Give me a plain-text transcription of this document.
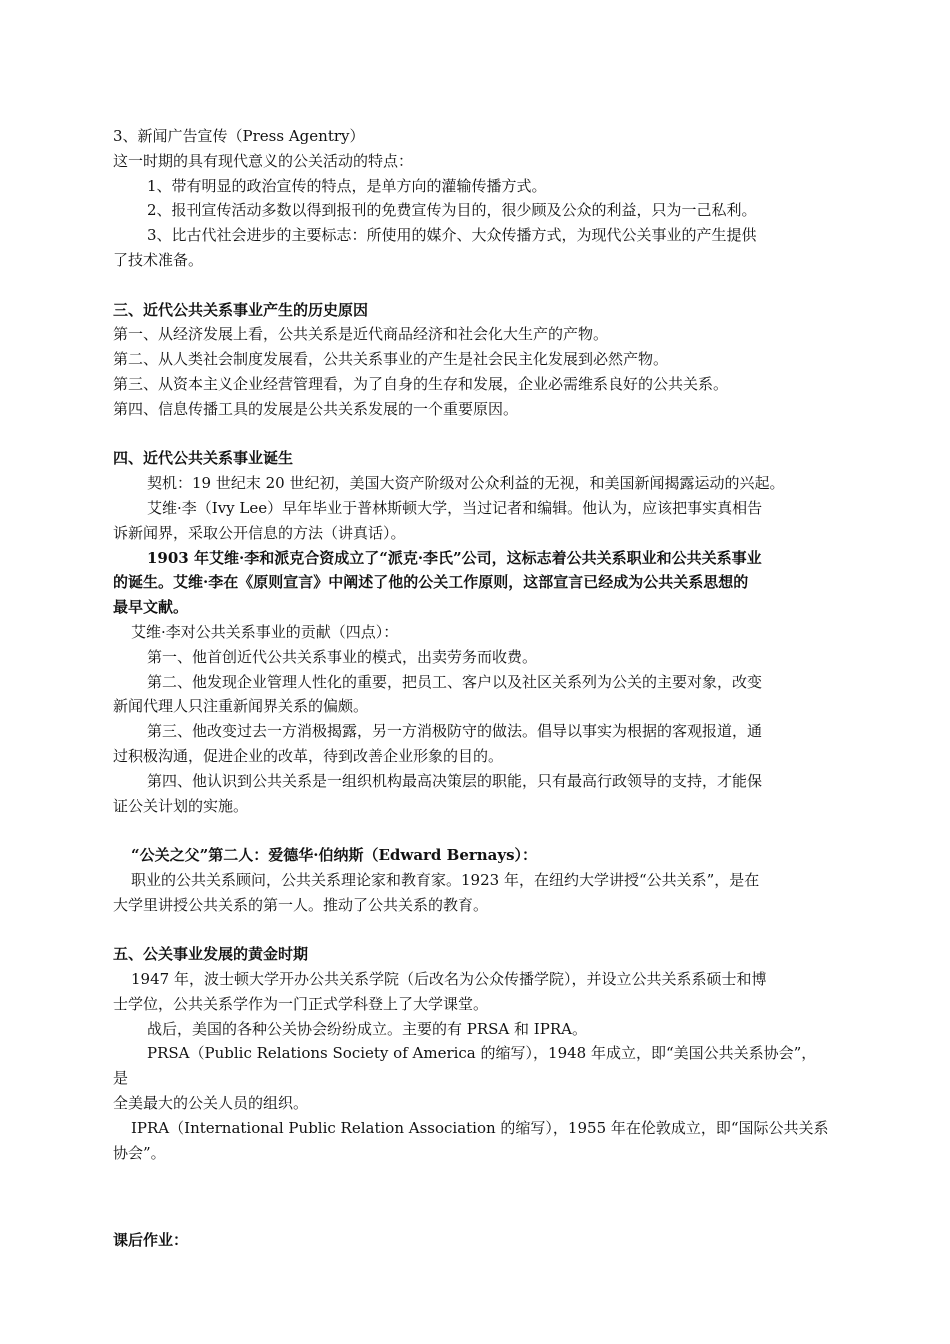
3、新闻广告宣传（Press Agentry）
这一时期的具有现代意义的公关活动的特点：
1、带有明显的政治宣传的特点，是单方向的灌输传播方式。
2、报刊宣传活动多数以得到报刊的免费宣传为目的，很少顾及公众的利益，只为一己私利。
3、比古代社会进步的主要标志：所使用的媒介、大众传播方式，为现代公关事业的产生提供
了技术准备。
三、近代公共关系事业产生的历史原因
第一、从经济发展上看，公共关系是近代商品经济和社会化大生产的产物。
第二、从人类社会制度发展看，公共关系事业的产生是社会民主化发展到必然产物。
第三、从资本主义企业经营管理看，为了自身的生存和发展，企业必需维系良好的公共关系。
第四、信息传播工具的发展是公共关系发展的一个重要原因。
四、近代公共关系事业诞生
契机：19 世纪末 20 世纪初，美国大资产阶级对公众利益的无视，和美国新闻揭露运动的兴起。
艾维·李（Ivy Lee）早年毕业于普林斯顿大学，当过记者和编辑。他认为，应该把事实真相告
诉新闻界，采取公开信息的方法（讲真话）。
1903 年艾维·李和派克合资成立了“派克·李氏”公司，这标志着公共关系职业和公共关系事业
的诞生。艾维·李在《原则宣言》中阐述了他的公关工作原则，这部宣言已经成为公共关系思想的
最早文献。
艾维·李对公共关系事业的贡献（四点）：
第一、他首创近代公共关系事业的模式，出卖劳务而收费。
第二、他发现企业管理人性化的重要，把员工、客户以及社区关系列为公关的主要对象，改变
新闻代理人只注重新闻界关系的偏颇。
第三、他改变过去一方消极揭露，另一方消极防守的做法。倡导以事实为根据的客观报道，通
过积极沟通，促进企业的改革，待到改善企业形象的目的。
第四、他认识到公共关系是一组织机构最高决策层的职能，只有最高行政领导的支持，才能保
证公关计划的实施。
“公关之父”第二人：爱德华·伯纳斯（Edward Bernays）：
职业的公共关系顾问，公共关系理论家和教育家。1923 年，在纽约大学讲授“公共关系”，是在
大学里讲授公共关系的第一人。推动了公共关系的教育。
五、公关事业发展的黄金时期
1947 年，波士顿大学开办公共关系学院（后改名为公众传播学院），并设立公共关系系硕士和博
士学位，公共关系学作为一门正式学科登上了大学课堂。
战后，美国的各种公关协会纷纷成立。主要的有 PRSA 和 IPRA。
PRSA（Public Relations Society of America 的缩写），1948 年成立，即“美国公共关系协会”，
是
全美最大的公关人员的组织。
IPRA（International Public Relation Association 的缩写），1955 年在伦敦成立，即“国际公共关系
协会”。
课后作业：
